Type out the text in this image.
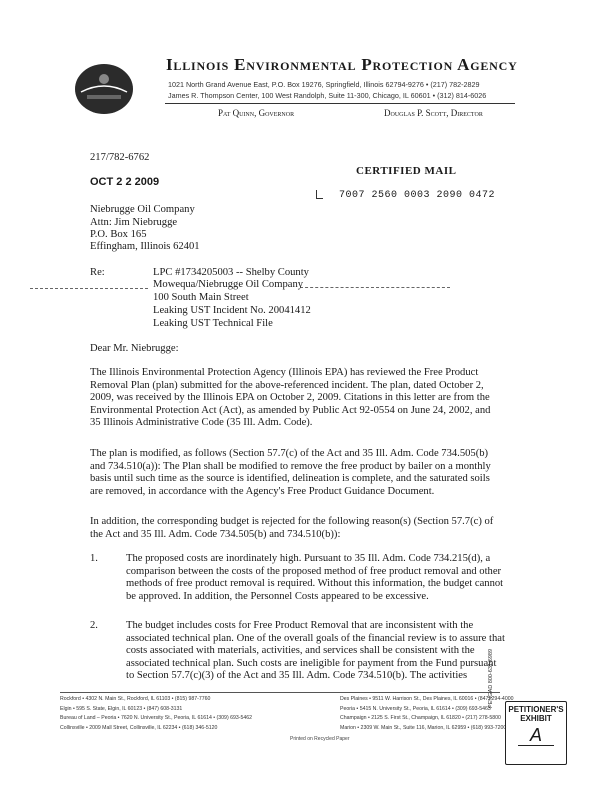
Illinois Environmental Protection Agency
1021 North Grand Avenue East, P.O. Box 19276, Springfield, Illinois 62794-9276 • (217) 782-2829
James R. Thompson Center, 100 West Randolph, Suite 11-300, Chicago, IL 60601 • (312) 814-6026
Pat Quinn, Governor	Douglas P. Scott, Director
217/782-6762
OCT 2 2 2009
CERTIFIED MAIL
7007 2560 0003 2090 0472
Niebrugge Oil Company
Attn: Jim Niebrugge
P.O. Box 165
Effingham, Illinois 62401
Re:	LPC #1734205003 -- Shelby County
Mowequa/Niebrugge Oil Company
100 South Main Street
Leaking UST Incident No. 20041412
Leaking UST Technical File
Dear Mr. Niebrugge:
The Illinois Environmental Protection Agency (Illinois EPA) has reviewed the Free Product
Removal Plan (plan) submitted for the above-referenced incident. The plan, dated October 2,
2009, was received by the Illinois EPA on October 2, 2009. Citations in this letter are from the
Environmental Protection Act (Act), as amended by Public Act 92-0554 on June 24, 2002, and
35 Illinois Administrative Code (35 Ill. Adm. Code).
The plan is modified, as follows (Section 57.7(c) of the Act and 35 Ill. Adm. Code 734.505(b)
and 734.510(a)): The Plan shall be modified to remove the free product by bailer on a monthly
basis until such time as the source is identified, delineation is complete, and the saturated soils
are removed, in accordance with the Agency's Free Product Guidance Document.
In addition, the corresponding budget is rejected for the following reason(s) (Section 57.7(c) of
the Act and 35 Ill. Adm. Code 734.505(b) and 734.510(b)):
1.	The proposed costs are inordinately high. Pursuant to 35 Ill. Adm. Code 734.215(d), a
comparison between the costs of the proposed method of free product removal and other
methods of free product removal is required. Without this information, the budget cannot
be approved. In addition, the Personnel Costs appeared to be excessive.
2.	The budget includes costs for Free Product Removal that are inconsistent with the
associated technical plan. One of the overall goals of the financial review is to assure that
costs associated with materials, activities, and services shall be consistent with the
associated technical plan. Such costs are ineligible for payment from the Fund pursuant
to Section 57.7(c)(3) of the Act and 35 Ill. Adm. Code 734.510(b). The activities
Rockford • 4302 N. Main St., Rockford, IL 61103 • (815) 987-7760
Elgin • 595 S. State, Elgin, IL 60123 • (847) 608-3131
Bureau of Land – Peoria • 7620 N. University St., Peoria, IL 61614 • (309) 693-5462
Collinsville • 2009 Mall Street, Collinsville, IL 62234 • (618) 346-5120
Des Plaines • 9511 W. Harrison St., Des Plaines, IL 60016 • (847) 294-4000
Peoria • 5415 N. University St., Peoria, IL 61614 • (309) 693-5463
Champaign • 2125 S. First St., Champaign, IL 61820 • (217) 278-5800
Marion • 2309 W. Main St., Suite 116, Marion, IL 62959 • (618) 993-7200
Printed on Recycled Paper
PENGAD 800-631-6989
PETITIONER'S EXHIBIT
A
